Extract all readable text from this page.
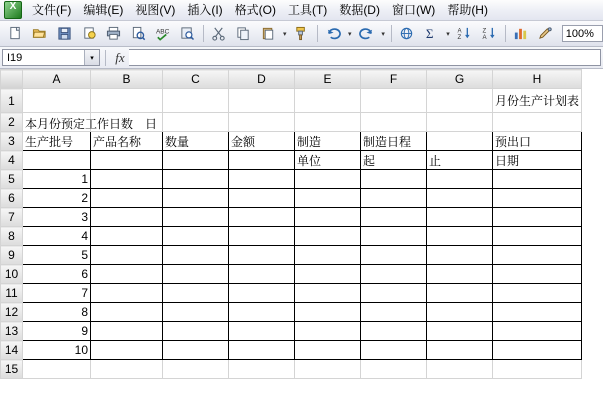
X
文件(F)	编辑(E)	视图(V)	插入(I)	格式(O)	工具(T)	数据(D)	窗口(W)	帮助(H)
ABC	▾	▾	▾	Σ	▾	A
Z
Z
A	100%
I19	▾	fx
	A	B	C	D	E	F	G	H
1								月份生产计划表
2	本月份预定工作日数　日							

3	生产批号	产品名称	数量	金额	制造	制造日程		预出口
4					单位	起	止	日期
5	1							
6	2							
7	3							
8	4							
9	5							
10	6							
11	7							
12	8							
13	9							
14	10							
15								
